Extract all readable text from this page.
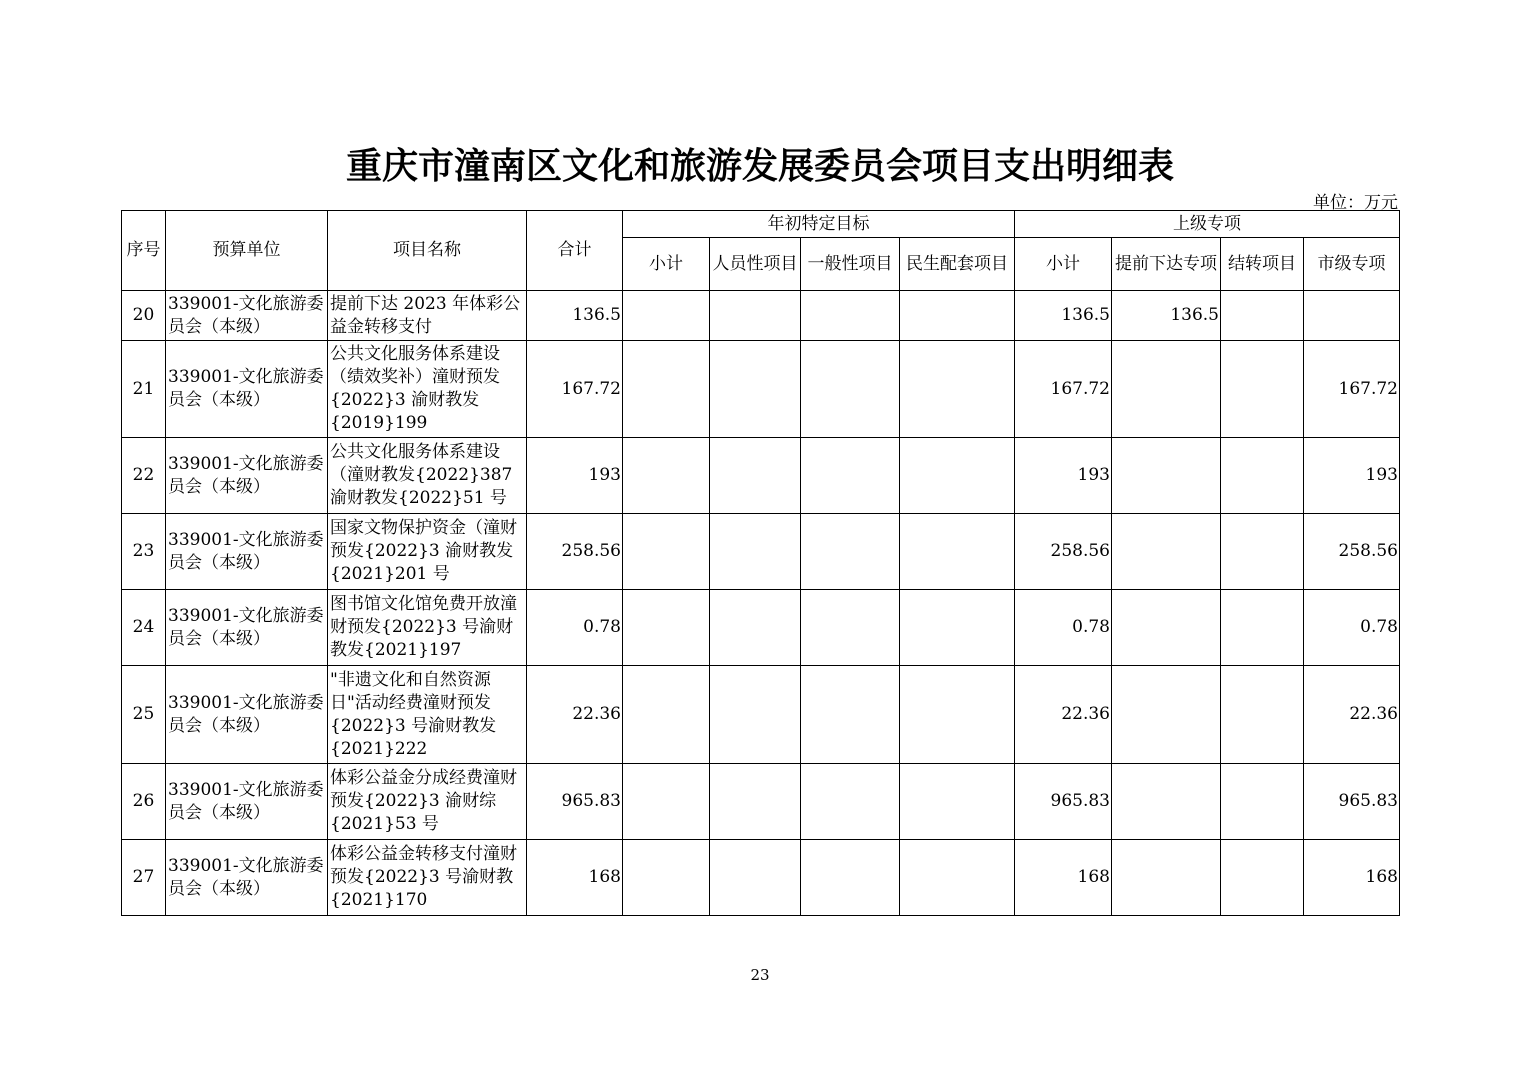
重庆市潼南区文化和旅游发展委员会项目支出明细表
单位：万元
序号	预算单位	项目名称	合计	年初特定目标				上级专项			
				小计	人员性项目	一般性项目	民生配套项目	小计	提前下达专项	结转项目	市级专项
20	339001-文化旅游委员会（本级）	提前下达 2023 年体彩公益金转移支付	136.5					136.5	136.5		
21	339001-文化旅游委员会（本级）	公共文化服务体系建设（绩效奖补）潼财预发{2022}3 渝财教发{2019}199	167.72					167.72			167.72
22	339001-文化旅游委员会（本级）	公共文化服务体系建设（潼财教发{2022}387 渝财教发{2022}51 号	193					193			193
23	339001-文化旅游委员会（本级）	国家文物保护资金（潼财预发{2022}3 渝财教发{2021}201 号	258.56					258.56			258.56
24	339001-文化旅游委员会（本级）	图书馆文化馆免费开放潼财预发{2022}3 号渝财教发{2021}197	0.78					0.78			0.78
25	339001-文化旅游委员会（本级）	"非遗文化和自然资源日"活动经费潼财预发{2022}3 号渝财教发{2021}222	22.36					22.36			22.36
26	339001-文化旅游委员会（本级）	体彩公益金分成经费潼财预发{2022}3 渝财综{2021}53 号	965.83					965.83			965.83
27	339001-文化旅游委员会（本级）	体彩公益金转移支付潼财预发{2022}3 号渝财教{2021}170	168					168			168
23
